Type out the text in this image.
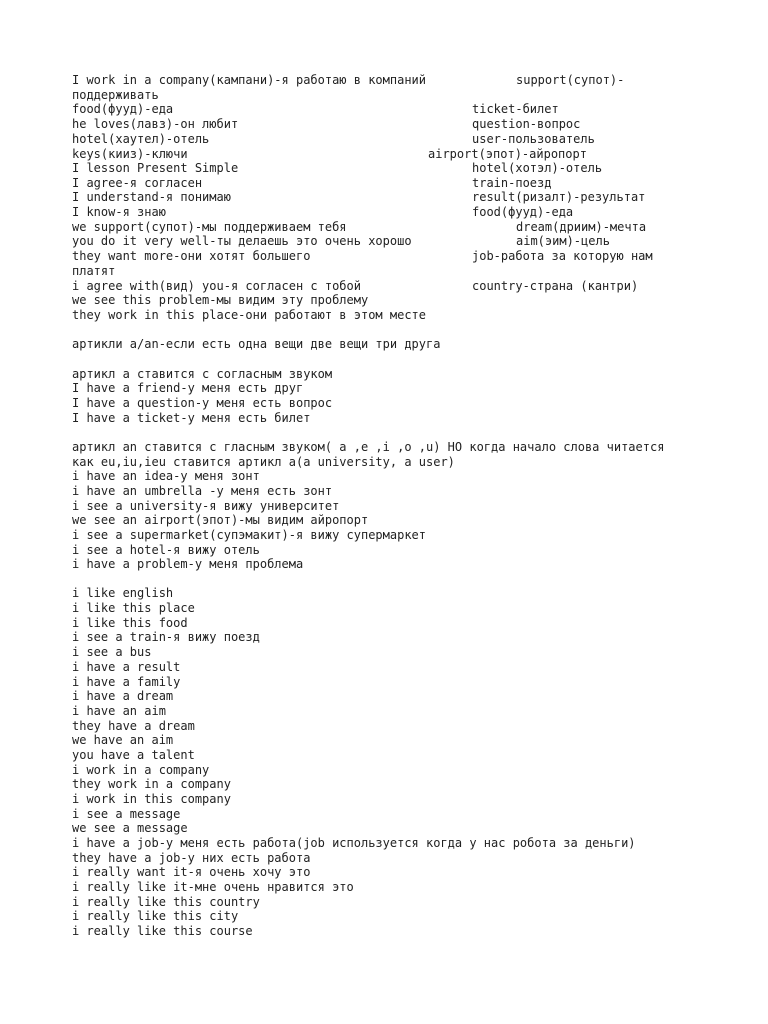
I work in a company(кампани)-я работаю в компаний	support(супот)-
поддерживать
food(фууд)-еда	ticket-билет
he loves(лавз)-он любит	question-вопрос
hotel(хаутел)-отель	user-пользователь
keys(кииз)-ключи	airport(эпот)-айропорт
I lesson Present Simple	hotel(хотэл)-отель
I agree-я согласен	train-поезд
I understand-я понимаю	result(ризалт)-результат
I know-я знаю	food(фууд)-еда
we support(супот)-мы поддерживаем тебя	dream(дриим)-мечта
you do it very well-ты делаешь это очень хорошо	aim(эим)-цель
they want more-они хотят большего	job-работа за которую нам
платят
i agree with(вид) you-я согласен с тобой	country-страна (кантри)
we see this problem-мы видим эту проблему
they work in this place-они работают в этом месте
артикли a/an-если есть одна вещи две вещи три друга
артикл a ставится с согласным звуком
I have a friend-у меня есть друг
I have a question-у меня есть вопрос
I have a ticket-у меня есть билет
артикл an ставится с гласным звуком( a ,e ,i ,o ,u) НО когда начало слова читается
как eu,iu,ieu ставится артикл a(a university, a user)
i have an idea-у меня зонт
i have an umbrella -у меня есть зонт
i see a university-я вижу университет
we see an airport(эпот)-мы видим айропорт
i see a supermarket(супэмакит)-я вижу супермаркет
i see a hotel-я вижу отель
i have a problem-у меня проблема
i like english
i like this place
i like this food
i see a train-я вижу поезд
i see a bus
i have a result
i have a family
i have a dream
i have an aim
they have a dream
we have an aim
you have a talent
i work in a company
they work in a company
i work in this company
i see a message
we see a message
i have a job-у меня есть работа(job используется когда у нас робота за деньги)
they have a job-у них есть работа
i really want it-я очень хочу это
i really like it-мне очень нравится это
i really like this country
i really like this city
i really like this course
